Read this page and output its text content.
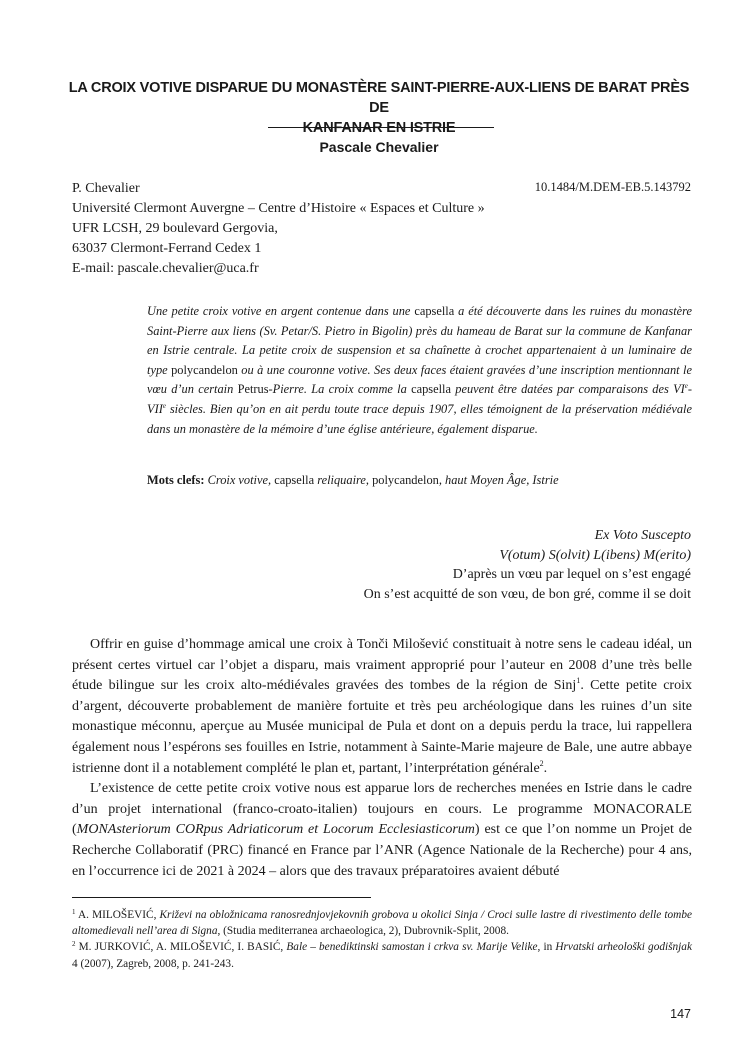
LA CROIX VOTIVE DISPARUE DU MONASTÈRE SAINT-PIERRE-AUX-LIENS DE BARAT PRÈS DE
KANFANAR EN ISTRIE
Pascale Chevalier
P. Chevalier
Université Clermont Auvergne – Centre d’Histoire « Espaces et Culture »
UFR LCSH, 29 boulevard Gergovia,
63037 Clermont-Ferrand Cedex 1
E-mail: pascale.chevalier@uca.fr
10.1484/M.DEM-EB.5.143792
Une petite croix votive en argent contenue dans une capsella a été découverte dans les ruines du monastère Saint-Pierre aux liens (Sv. Petar/S. Pietro in Bigolin) près du hameau de Barat sur la commune de Kanfanar en Istrie centrale. La petite croix de suspension et sa chaînette à crochet appartenaient à un luminaire de type polycandelon ou à une couronne votive. Ses deux faces étaient gravées d’une inscription mentionnant le vœu d’un certain Petrus-Pierre. La croix comme la capsella peuvent être datées par comparaisons des VIe-VIIe siècles. Bien qu’on en ait perdu toute trace depuis 1907, elles témoignent de la préservation médiévale dans un monastère de la mémoire d’une église antérieure, également disparue.
Mots clefs: Croix votive, capsella reliquaire, polycandelon, haut Moyen Âge, Istrie
Ex Voto Suscepto
V(otum) S(olvit) L(ibens) M(erito)
D’après un vœu par lequel on s’est engagé
On s’est acquitté de son vœu, de bon gré, comme il se doit

Offrir en guise d’hommage amical une croix à Tonči Milošević constituait à notre sens le cadeau idéal, un présent certes virtuel car l’objet a disparu, mais vraiment approprié pour l’auteur en 2008 d’une très belle étude bilingue sur les croix alto-médiévales gravées des tombes de la région de Sinj$^1$. Cette petite croix d’argent, découverte probablement de manière fortuite et très peu archéologique dans les ruines d’un site monastique méconnu, aperçue au Musée municipal de Pula et dont on a depuis perdu la trace, lui rappellera également nous l’espérons ses fouilles en Istrie, notamment à Sainte-Marie majeure de Bale, une autre abbaye istrienne dont il a notablement complété le plan et, partant, l’interprétation générale$^2$.

L’existence de cette petite croix votive nous est apparue lors de recherches menées en Istrie dans le cadre d’un projet international (franco-croato-italien) toujours en cours. Le programme MONACORALE (MONAsteriorum CORpus Adriaticorum et Locorum Ecclesiasticorum) est ce que l’on nomme un Projet de Recherche Collaboratif (PRC) financé en France par l’ANR (Agence Nationale de la Recherche) pour 4 ans, en l’occurrence ici de 2021 à 2024 – alors que des travaux préparatoires avaient débuté

$^1$ A. MILOŠEVIĆ, Križevi na obložnicama ranosrednjovjekovnih grobova u okolici Sinja / Croci sulle lastre di rivestimento delle tombe altomedievali nell’area di Signa, (Studia mediterranea archaeologica, 2), Dubrovnik-Split, 2008.

$^2$ M. JURKOVIĆ, A. MILOŠEVIĆ, I. BASIĆ, Bale – benediktinski samostan i crkva sv. Marije Velike, in Hrvatski arheološki godišnjak 4 (2007), Zagreb, 2008, p. 241-243.

147
